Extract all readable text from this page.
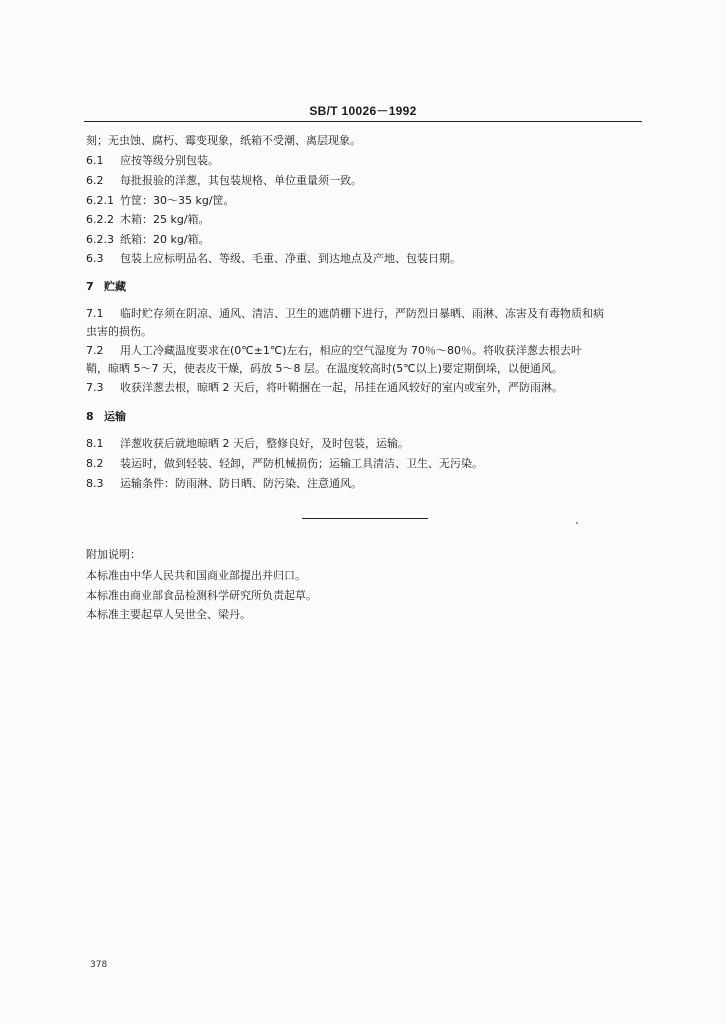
SB/T 10026－1992
刻；无虫蚀、腐朽、霉变现象，纸箱不受潮、离层现象。
6.1 应按等级分别包装。
6.2 每批报验的洋葱，其包装规格、单位重量须一致。
6.2.1 竹筐：30～35 kg/筐。
6.2.2 木箱：25 kg/箱。
6.2.3 纸箱：20 kg/箱。
6.3 包装上应标明品名、等级、毛重、净重、到达地点及产地、包装日期。
7 贮藏
7.1 临时贮存须在阴凉、通风、清洁、卫生的遮荫棚下进行，严防烈日暴晒、雨淋、冻害及有毒物质和病
虫害的损伤。
7.2 用人工冷藏温度要求在(0℃±1℃)左右，相应的空气湿度为 70％～80％。将收获洋葱去根去叶
鞘，晾晒 5～7 天，使表皮干燥，码放 5～8 层。在温度较高时(5℃以上)要定期倒垛，以便通风。
7.3 收获洋葱去根，晾晒 2 天后，将叶鞘捆在一起，吊挂在通风较好的室内或室外，严防雨淋。
8 运输
8.1 洋葱收获后就地晾晒 2 天后，整修良好，及时包装，运输。
8.2 装运时，做到轻装、轻卸，严防机械损伤；运输工具清洁、卫生、无污染。
8.3 运输条件：防雨淋、防日晒、防污染、注意通风。
附加说明：
本标准由中华人民共和国商业部提出并归口。
本标准由商业部食品检测科学研究所负责起草。
本标准主要起草人吴世全、梁丹。
378
